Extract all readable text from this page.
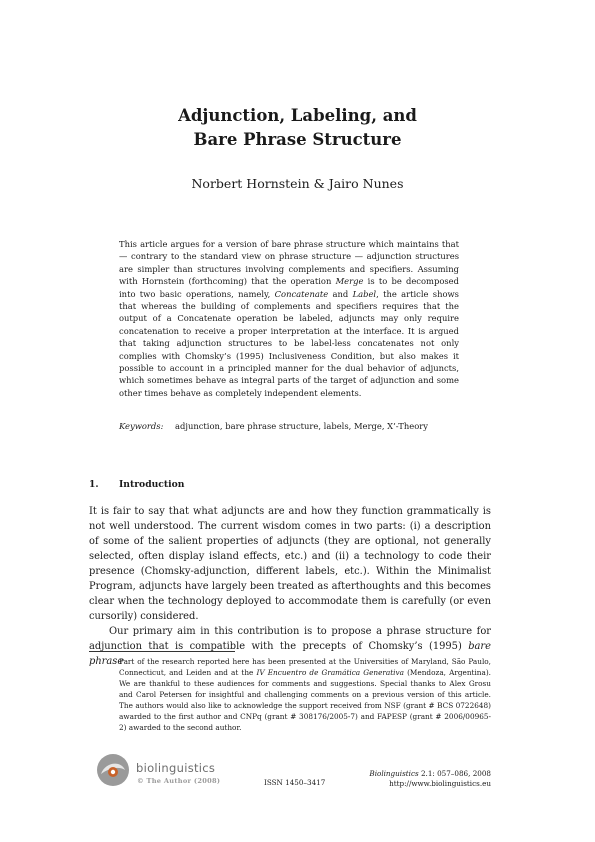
Adjunction, Labeling, and
Bare Phrase Structure
Norbert Hornstein & Jairo Nunes
This article argues for a version of bare phrase structure which maintains that — contrary to the standard view on phrase structure — adjunction structures are simpler than structures involving complements and specifiers. Assuming with Hornstein (forthcoming) that the operation Merge is to be decomposed into two basic operations, namely, Concatenate and Label, the article shows that whereas the building of complements and specifiers requires that the output of a Concatenate operation be labeled, adjuncts may only require concatenation to receive a proper interpretation at the interface. It is argued that taking adjunction structures to be label-less concatenates not only complies with Chomsky’s (1995) Inclusiveness Condition, but also makes it possible to account in a principled manner for the dual behavior of adjuncts, which sometimes behave as integral parts of the target of adjunction and some other times behave as completely independent elements.
Keywords: adjunction, bare phrase structure, labels, Merge, X’-Theory
1. Introduction

It is fair to say that what adjuncts are and how they function grammatically is not well understood. The current wisdom comes in two parts: (i) a description of some of the salient properties of adjuncts (they are optional, not generally selected, often display island effects, etc.) and (ii) a technology to code their presence (Chomsky-adjunction, different labels, etc.). Within the Minimalist Program, adjuncts have largely been treated as afterthoughts and this becomes clear when the technology deployed to accommodate them is carefully (or even cursorily) considered.

Our primary aim in this contribution is to propose a phrase structure for adjunction that is compatible with the precepts of Chomsky’s (1995) bare phrase

Part of the research reported here has been presented at the Universities of Maryland, São Paulo, Connecticut, and Leiden and at the IV Encuentro de Gramática Generativa (Mendoza, Argentina). We are thankful to these audiences for comments and suggestions. Special thanks to Alex Grosu and Carol Petersen for insightful and challenging comments on a previous version of this article. The authors would also like to acknowledge the support received from NSF (grant # BCS 0722648) awarded to the first author and CNPq (grant # 308176/2005-7) and FAPESP (grant # 2006/00965-2) awarded to the second author.
biolinguistics
© The Author (2008)	ISSN 1450–3417
Biolinguistics 2.1: 057–086, 2008
http://www.biolinguistics.eu
